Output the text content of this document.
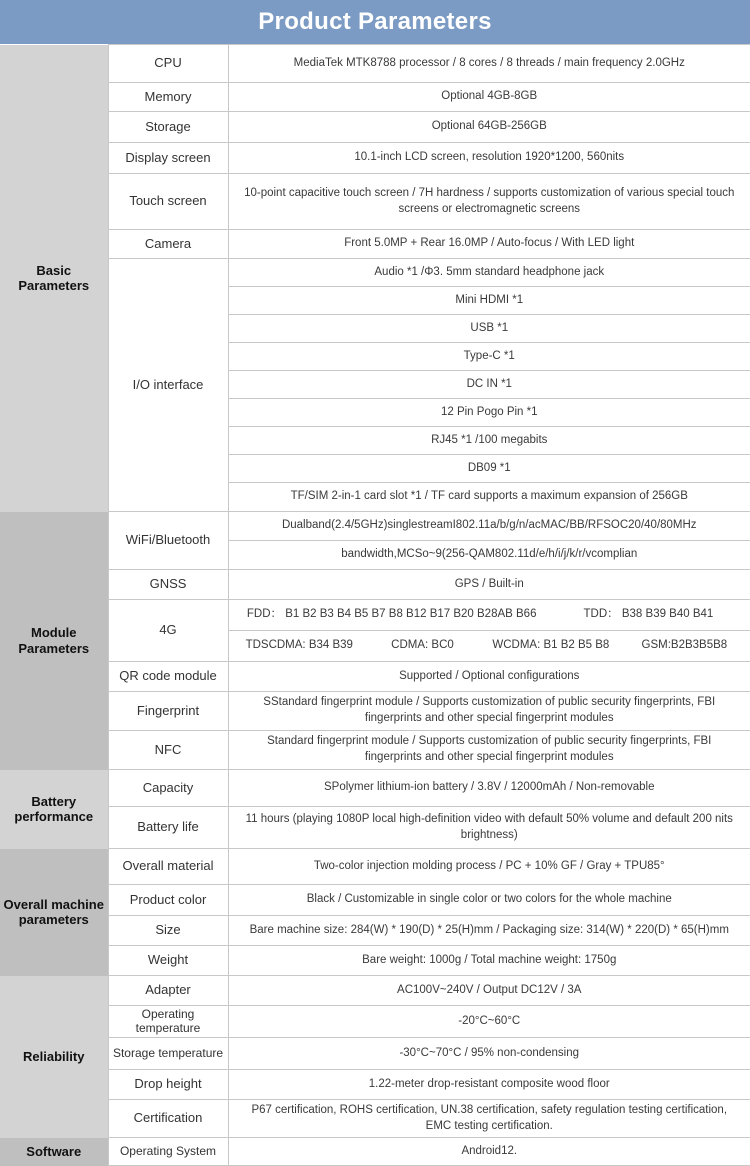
Product Parameters
Basic Parameters	CPU	MediaTek MTK8788 processor / 8 cores / 8 threads / main frequency 2.0GHz
	Memory	Optional 4GB-8GB
	Storage	Optional 64GB-256GB
	Display screen	10.1-inch LCD screen, resolution 1920*1200, 560nits
	Touch screen	10-point capacitive touch screen / 7H hardness / supports customization of various special touch screens or electromagnetic screens
	Camera	Front 5.0MP + Rear 16.0MP / Auto-focus / With LED light
	I/O interface	Audio *1 /Φ3. 5mm standard headphone jack
		Mini HDMI *1
		USB *1
		Type-C *1
		DC IN *1
		12 Pin Pogo Pin *1
		RJ45 *1 /100 megabits
		DB09 *1
		TF/SIM 2-in-1 card slot *1 / TF card supports a maximum expansion of 256GB
Module Parameters	WiFi/Bluetooth	Dualband(2.4/5GHz)singlestreamI802.11a/b/g/n/acMAC/BB/RFSOC20/40/80MHz
		bandwidth,MCSo~9(256-QAM802.11d/e/h/i/j/k/r/vcomplian
	GNSS	GPS / Built-in
	4G	FDD： B1 B2 B3 B4 B5 B7 B8 B12 B17 B20 B28AB B66 TDD： B38 B39 B40 B41

		TDSCDMA: B34 B39 CDMA: BC0 WCDMA: B1 B2 B5 B8 GSM:B2B3B5B8

	QR code module	Supported / Optional configurations
	Fingerprint	SStandard fingerprint module / Supports customization of public security fingerprints, FBI fingerprints and other special fingerprint modules
	NFC	Standard fingerprint module / Supports customization of public security fingerprints, FBI fingerprints and other special fingerprint modules
Battery performance	Capacity	SPolymer lithium-ion battery / 3.8V / 12000mAh / Non-removable
	Battery life	11 hours (playing 1080P local high-definition video with default 50% volume and default 200 nits brightness)
Overall machine parameters	Overall material	Two-color injection molding process / PC + 10% GF / Gray + TPU85°
	Product color	Black / Customizable in single color or two colors for the whole machine
	Size	Bare machine size: 284(W) * 190(D) * 25(H)mm / Packaging size: 314(W) * 220(D) * 65(H)mm
	Weight	Bare weight: 1000g / Total machine weight: 1750g
Reliability	Adapter	AC100V~240V / Output DC12V / 3A
	Operating temperature	-20°C~60°C
	Storage temperature	-30°C~70°C / 95% non-condensing
	Drop height	1.22-meter drop-resistant composite wood floor
	Certification	P67 certification, ROHS certification, UN.38 certification, safety regulation testing certification, EMC testing certification.
Software	Operating System	Android12.
